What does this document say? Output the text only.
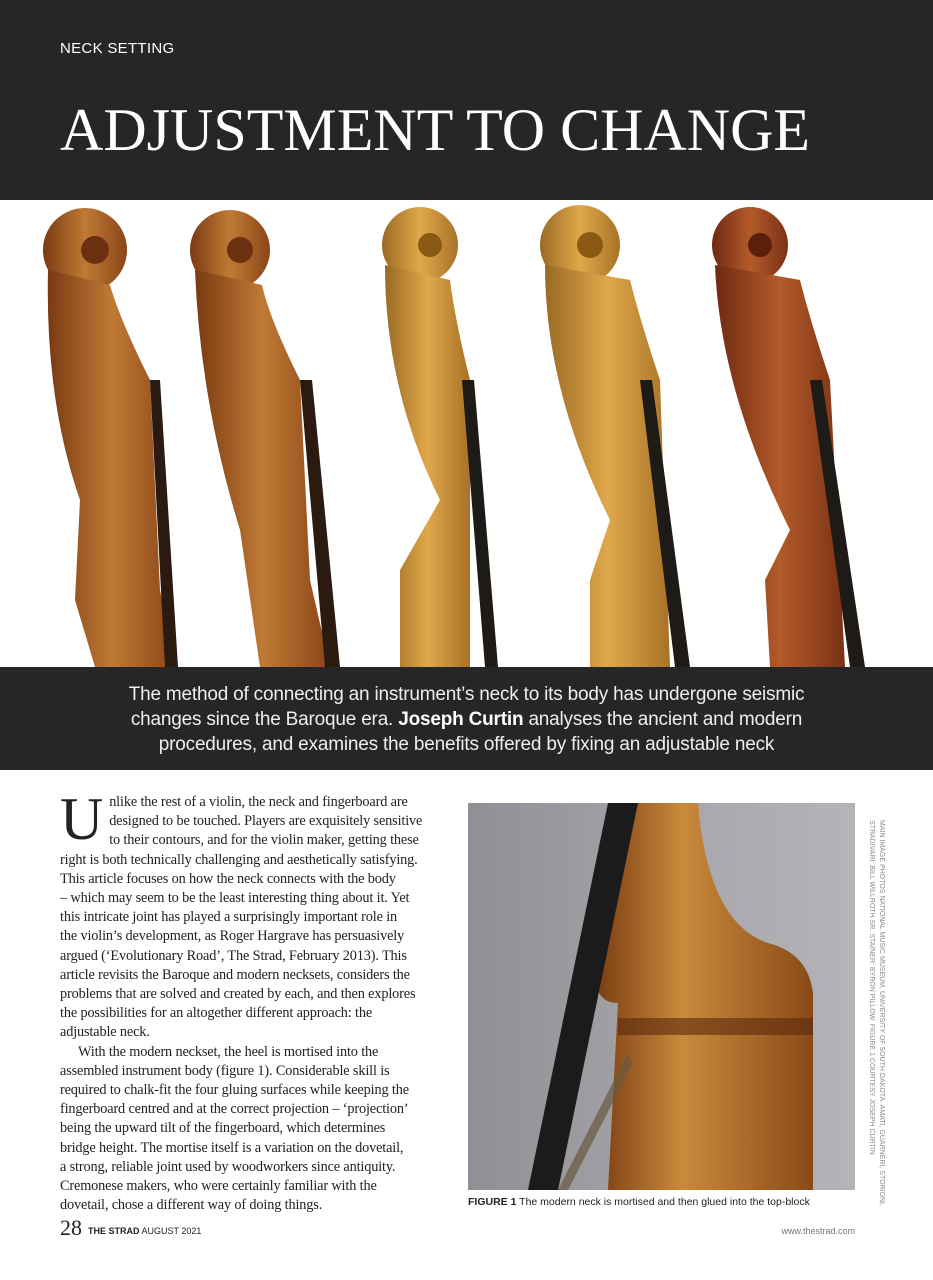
NECK SETTING
ADJUSTMENT TO CHANGE
The method of connecting an instrument’s neck to its body has undergone seismic
changes since the Baroque era. Joseph Curtin analyses the ancient and modern
procedures, and examines the benefits offered by fixing an adjustable neck
U nlike the rest of a violin, the neck and fingerboard are
designed to be touched. Players are exquisitely sensitive
to their contours, and for the violin maker, getting these
right is both technically challenging and aesthetically satisfying.
This article focuses on how the neck connects with the body
– which may seem to be the least interesting thing about it. Yet
this intricate joint has played a surprisingly important role in
the violin’s development, as Roger Hargrave has persuasively
argued (‘Evolutionary Road’, The Strad, February 2013). This
article revisits the Baroque and modern necksets, considers the
problems that are solved and created by each, and then explores
the possibilities for an altogether different approach: the
adjustable neck.
With the modern neckset, the heel is mortised into the
assembled instrument body (figure 1). Considerable skill is
required to chalk-fit the four gluing surfaces while keeping the
fingerboard centred and at the correct projection – ‘projection’
being the upward tilt of the fingerboard, which determines
bridge height. The mortise itself is a variation on the dovetail,
a strong, reliable joint used by woodworkers since antiquity.
Cremonese makers, who were certainly familiar with the
dovetail, chose a different way of doing things.	FIGURE 1 The modern neck is mortised and then glued into the top-block	MAIN IMAGE PHOTOS NATIONAL MUSIC MUSEUM, UNIVERSITY OF SOUTH DAKOTA. AMATI, GUARNERI, STORIONI, STRADIVARI: BILL WILLROTH SR. STAINER: BYRON PILLOW. FIGURE 1 COURTESY JOSEPH CURTIN
28 THE STRAD AUGUST 2021	www.thestrad.com
